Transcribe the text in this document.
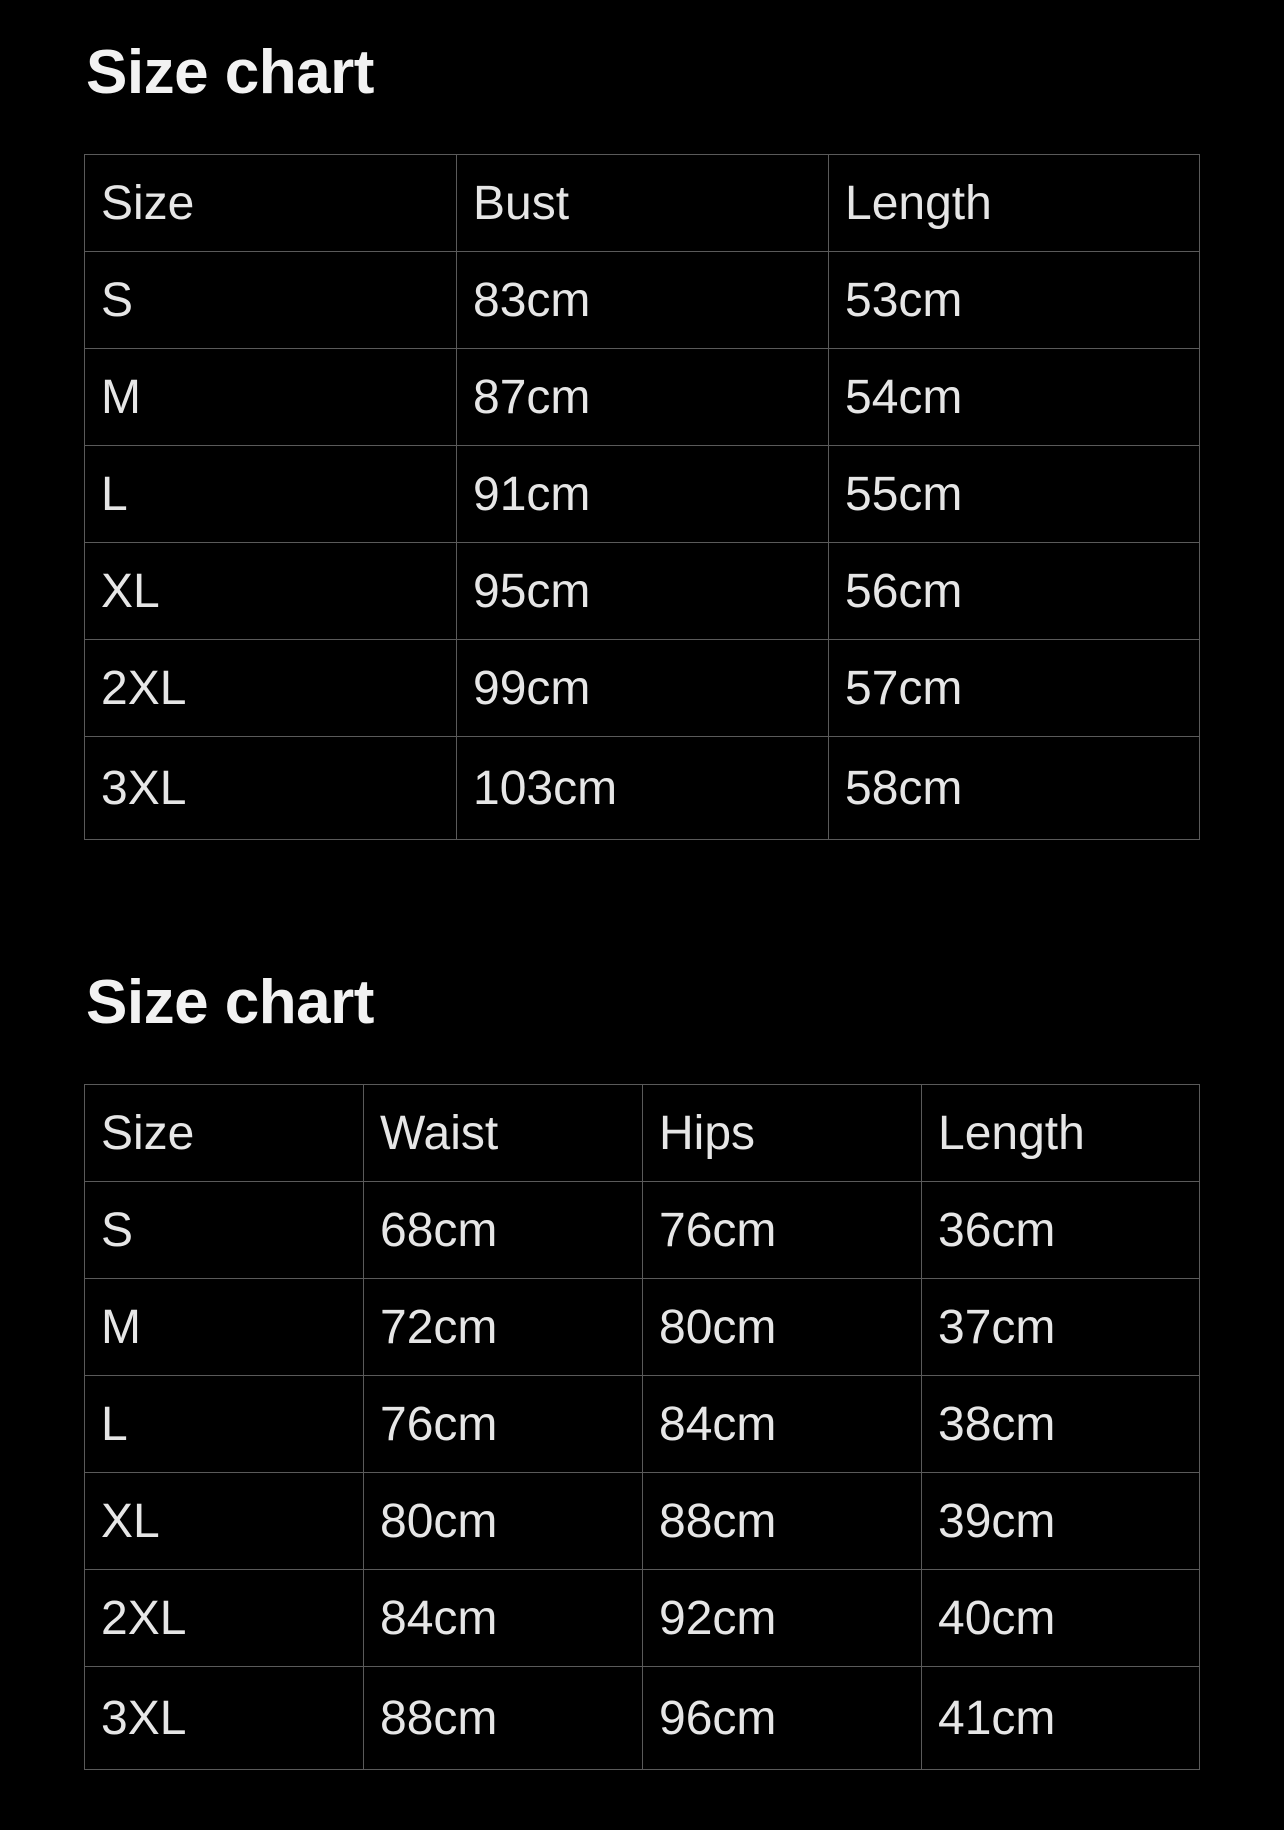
Size chart
Size	Bust	Length
S	83cm	53cm
M	87cm	54cm
L	91cm	55cm
XL	95cm	56cm
2XL	99cm	57cm
3XL	103cm	58cm
Size chart
Size	Waist	Hips	Length
S	68cm	76cm	36cm
M	72cm	80cm	37cm
L	76cm	84cm	38cm
XL	80cm	88cm	39cm
2XL	84cm	92cm	40cm
3XL	88cm	96cm	41cm
